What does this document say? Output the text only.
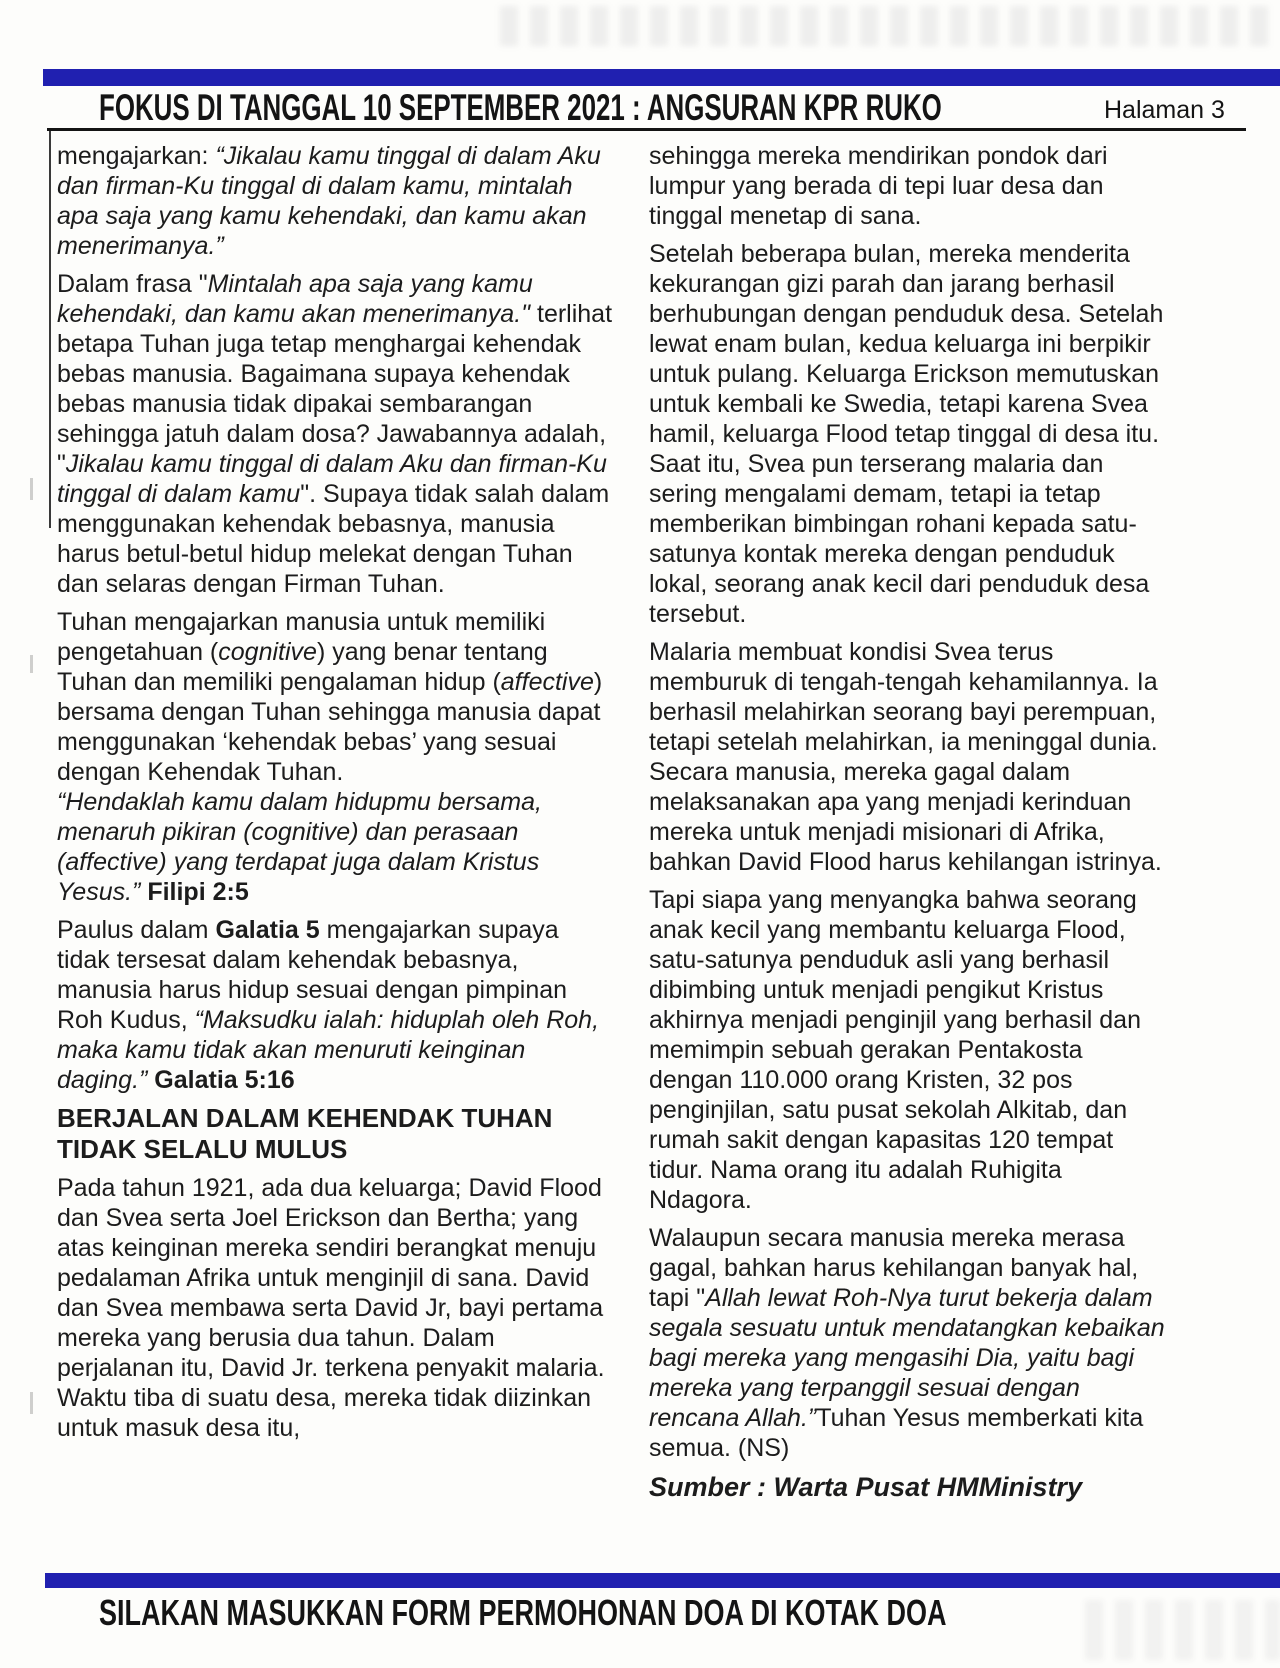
FOKUS DI TANGGAL 10 SEPTEMBER 2021 : ANGSURAN KPR RUKO	Halaman 3

mengajarkan: “Jikalau kamu tinggal di dalam Aku dan firman-Ku tinggal di dalam kamu, mintalah apa saja yang kamu kehendaki, dan kamu akan menerimanya.”

Dalam frasa "Mintalah apa saja yang kamu kehendaki, dan kamu akan menerimanya." terlihat betapa Tuhan juga tetap menghargai kehendak bebas manusia. Bagaimana supaya kehendak bebas manusia tidak dipakai sembarangan sehingga jatuh dalam dosa? Jawabannya adalah, "Jikalau kamu tinggal di dalam Aku dan firman-Ku tinggal di dalam kamu". Supaya tidak salah dalam menggunakan kehendak bebasnya, manusia harus betul-betul hidup melekat dengan Tuhan dan selaras dengan Firman Tuhan.

Tuhan mengajarkan manusia untuk memiliki pengetahuan (cognitive) yang benar tentang Tuhan dan memiliki pengalaman hidup (affective) bersama dengan Tuhan sehingga manusia dapat menggunakan ‘kehendak bebas’ yang sesuai dengan Kehendak Tuhan.

“Hendaklah kamu dalam hidupmu bersama, menaruh pikiran (cognitive) dan perasaan (affective) yang terdapat juga dalam Kristus Yesus.” Filipi 2:5

Paulus dalam Galatia 5 mengajarkan supaya tidak tersesat dalam kehendak bebasnya, manusia harus hidup sesuai dengan pimpinan Roh Kudus, “Maksudku ialah: hiduplah oleh Roh, maka kamu tidak akan menuruti keinginan daging.” Galatia 5:16

BERJALAN DALAM KEHENDAK TUHAN TIDAK SELALU MULUS

Pada tahun 1921, ada dua keluarga; David Flood dan Svea serta Joel Erickson dan Bertha; yang atas keinginan mereka sendiri berangkat menuju pedalaman Afrika untuk menginjil di sana. David dan Svea membawa serta David Jr, bayi pertama mereka yang berusia dua tahun. Dalam perjalanan itu, David Jr. terkena penyakit malaria. Waktu tiba di suatu desa, mereka tidak diizinkan untuk masuk desa itu,

sehingga mereka mendirikan pondok dari lumpur yang berada di tepi luar desa dan tinggal menetap di sana.

Setelah beberapa bulan, mereka menderita kekurangan gizi parah dan jarang berhasil berhubungan dengan penduduk desa. Setelah lewat enam bulan, kedua keluarga ini berpikir untuk pulang. Keluarga Erickson memutuskan untuk kembali ke Swedia, tetapi karena Svea hamil, keluarga Flood tetap tinggal di desa itu. Saat itu, Svea pun terserang malaria dan sering mengalami demam, tetapi ia tetap memberikan bimbingan rohani kepada satu-satunya kontak mereka dengan penduduk lokal, seorang anak kecil dari penduduk desa tersebut.

Malaria membuat kondisi Svea terus memburuk di tengah-tengah kehamilannya. Ia berhasil melahirkan seorang bayi perempuan, tetapi setelah melahirkan, ia meninggal dunia. Secara manusia, mereka gagal dalam melaksanakan apa yang menjadi kerinduan mereka untuk menjadi misionari di Afrika, bahkan David Flood harus kehilangan istrinya.

Tapi siapa yang menyangka bahwa seorang anak kecil yang membantu keluarga Flood, satu-satunya penduduk asli yang berhasil dibimbing untuk menjadi pengikut Kristus akhirnya menjadi penginjil yang berhasil dan memimpin sebuah gerakan Pentakosta dengan 110.000 orang Kristen, 32 pos penginjilan, satu pusat sekolah Alkitab, dan rumah sakit dengan kapasitas 120 tempat tidur. Nama orang itu adalah Ruhigita Ndagora.

Walaupun secara manusia mereka merasa gagal, bahkan harus kehilangan banyak hal, tapi "Allah lewat Roh-Nya turut bekerja dalam segala sesuatu untuk mendatangkan kebaikan bagi mereka yang mengasihi Dia, yaitu bagi mereka yang terpanggil sesuai dengan rencana Allah.”Tuhan Yesus memberkati kita semua. (NS)

Sumber : Warta Pusat HMMinistry

SILAKAN MASUKKAN FORM PERMOHONAN DOA DI KOTAK DOA
